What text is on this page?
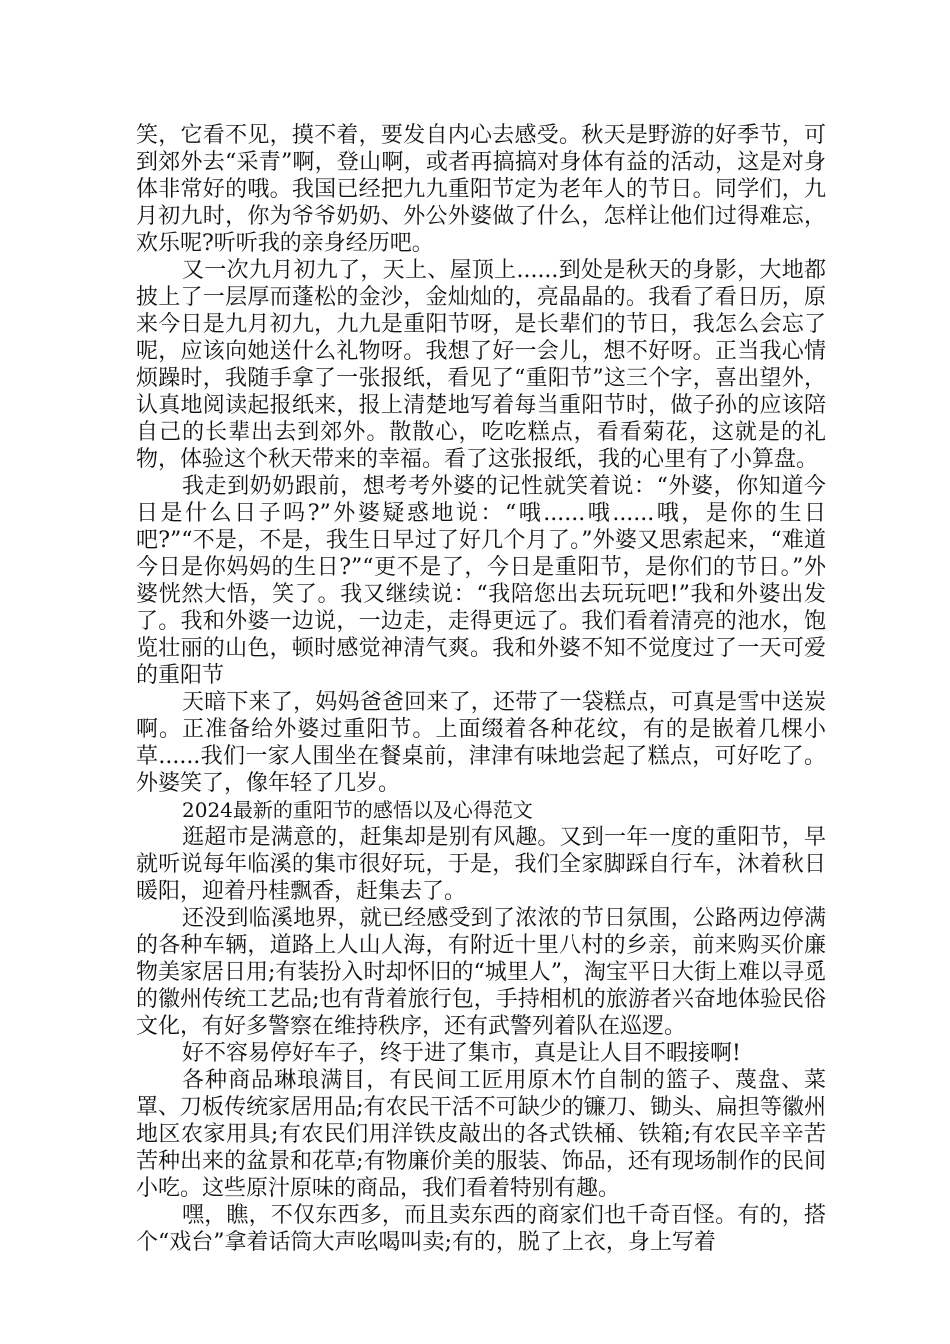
笑，它看不见，摸不着，要发自内心去感受。秋天是野游的好季节，可到郊外去“采青”啊，登山啊，或者再搞搞对身体有益的活动，这是对身体非常好的哦。我国已经把九九重阳节定为老年人的节日。同学们，九月初九时，你为爷爷奶奶、外公外婆做了什么，怎样让他们过得难忘，欢乐呢?听听我的亲身经历吧。

又一次九月初九了，天上、屋顶上......到处是秋天的身影，大地都披上了一层厚而蓬松的金沙，金灿灿的，亮晶晶的。我看了看日历，原来今日是九月初九，九九是重阳节呀，是长辈们的节日，我怎么会忘了呢，应该向她送什么礼物呀。我想了好一会儿，想不好呀。正当我心情烦躁时，我随手拿了一张报纸，看见了“重阳节”这三个字，喜出望外，认真地阅读起报纸来，报上清楚地写着每当重阳节时，做子孙的应该陪自己的长辈出去到郊外。散散心，吃吃糕点，看看菊花，这就是的礼物，体验这个秋天带来的幸福。看了这张报纸，我的心里有了小算盘。

我走到奶奶跟前，想考考外婆的记性就笑着说：“外婆，你知道今日是什么日子吗?”外婆疑惑地说：“哦......哦......哦，是你的生日吧?”“不是，不是，我生日早过了好几个月了。”外婆又思索起来，“难道今日是你妈妈的生日?”“更不是了，今日是重阳节，是你们的节日。”外婆恍然大悟，笑了。我又继续说：“我陪您出去玩玩吧!”我和外婆出发了。我和外婆一边说，一边走，走得更远了。我们看着清亮的池水，饱览壮丽的山色，顿时感觉神清气爽。我和外婆不知不觉度过了一天可爱的重阳节

天暗下来了，妈妈爸爸回来了，还带了一袋糕点，可真是雪中送炭啊。正准备给外婆过重阳节。上面缀着各种花纹，有的是嵌着几棵小草......我们一家人围坐在餐桌前，津津有味地尝起了糕点，可好吃了。外婆笑了，像年轻了几岁。

2024最新的重阳节的感悟以及心得范文

逛超市是满意的，赶集却是别有风趣。又到一年一度的重阳节，早就听说每年临溪的集市很好玩，于是，我们全家脚踩自行车，沐着秋日暖阳，迎着丹桂飘香，赶集去了。

还没到临溪地界，就已经感受到了浓浓的节日氛围，公路两边停满的各种车辆，道路上人山人海，有附近十里八村的乡亲，前来购买价廉物美家居日用;有装扮入时却怀旧的“城里人”，淘宝平日大街上难以寻觅的徽州传统工艺品;也有背着旅行包，手持相机的旅游者兴奋地体验民俗文化，有好多警察在维持秩序，还有武警列着队在巡逻。

好不容易停好车子，终于进了集市，真是让人目不暇接啊!

各种商品琳琅满目，有民间工匠用原木竹自制的篮子、蔑盘、菜罩、刀板传统家居用品;有农民干活不可缺少的镰刀、锄头、扁担等徽州地区农家用具;有农民们用洋铁皮敲出的各式铁桶、铁箱;有农民辛辛苦苦种出来的盆景和花草;有物廉价美的服装、饰品，还有现场制作的民间小吃。这些原汁原味的商品，我们看着特别有趣。

嘿，瞧，不仅东西多，而且卖东西的商家们也千奇百怪。有的，搭个“戏台”拿着话筒大声吆喝叫卖;有的，脱了上衣，身上写着
